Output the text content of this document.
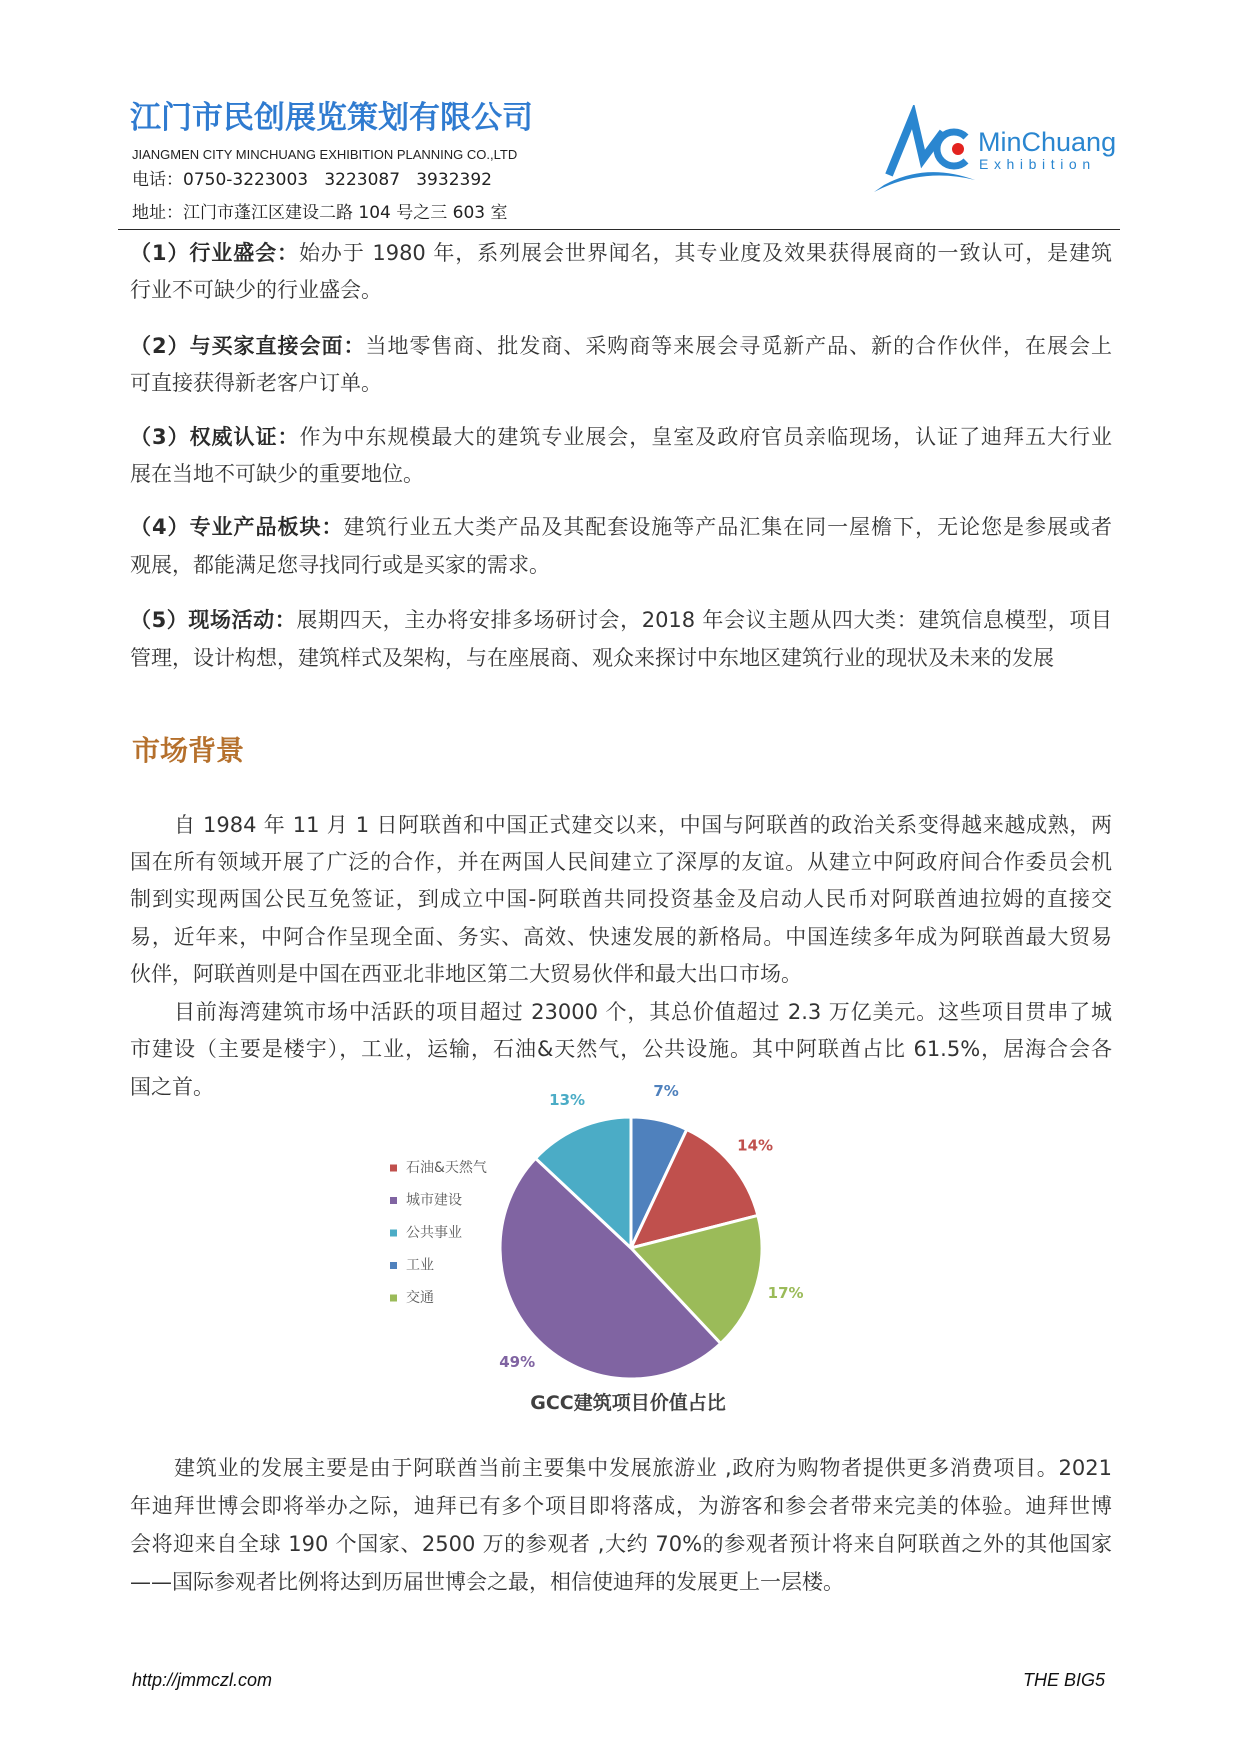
江门市民创展览策划有限公司
JIANGMEN CITY MINCHUANG EXHIBITION PLANNING CO.,LTD
电话：0750-3223003   3223087   3932392
地址：江门市蓬江区建设二路 104 号之三 603 室
MinChuang
Exhibition
（1）行业盛会：始办于 1980 年，系列展会世界闻名，其专业度及效果获得展商的一致认可，是建筑
行业不可缺少的行业盛会。
（2）与买家直接会面：当地零售商、批发商、采购商等来展会寻觅新产品、新的合作伙伴，在展会上
可直接获得新老客户订单。
（3）权威认证：作为中东规模最大的建筑专业展会，皇室及政府官员亲临现场，认证了迪拜五大行业
展在当地不可缺少的重要地位。
（4）专业产品板块：建筑行业五大类产品及其配套设施等产品汇集在同一屋檐下，无论您是参展或者
观展，都能满足您寻找同行或是买家的需求。
（5）现场活动：展期四天，主办将安排多场研讨会，2018 年会议主题从四大类：建筑信息模型，项目
管理，设计构想，建筑样式及架构，与在座展商、观众来探讨中东地区建筑行业的现状及未来的发展
市场背景
自 1984 年 11 月 1 日阿联酋和中国正式建交以来，中国与阿联酋的政治关系变得越来越成熟，两
国在所有领域开展了广泛的合作，并在两国人民间建立了深厚的友谊。从建立中阿政府间合作委员会机
制到实现两国公民互免签证，到成立中国-阿联酋共同投资基金及启动人民币对阿联酋迪拉姆的直接交
易，近年来，中阿合作呈现全面、务实、高效、快速发展的新格局。中国连续多年成为阿联酋最大贸易
伙伴，阿联酋则是中国在西亚北非地区第二大贸易伙伴和最大出口市场。
目前海湾建筑市场中活跃的项目超过 23000 个，其总价值超过 2.3 万亿美元。这些项目贯串了城
市建设（主要是楼宇），工业，运输，石油&天然气，公共设施。其中阿联酋占比 61.5%，居海合会各
国之首。	7%
14%
17%
49%
13%
石油&天然气
城市建设
公共事业
工业
交通
GCC建筑项目价值占比
建筑业的发展主要是由于阿联酋当前主要集中发展旅游业 ,政府为购物者提供更多消费项目。2021
年迪拜世博会即将举办之际，迪拜已有多个项目即将落成，为游客和参会者带来完美的体验。迪拜世博
会将迎来自全球 190 个国家、2500 万的参观者 ,大约 70%的参观者预计将来自阿联酋之外的其他国家
——国际参观者比例将达到历届世博会之最，相信使迪拜的发展更上一层楼。
http://jmmczl.com	THE BIG5
